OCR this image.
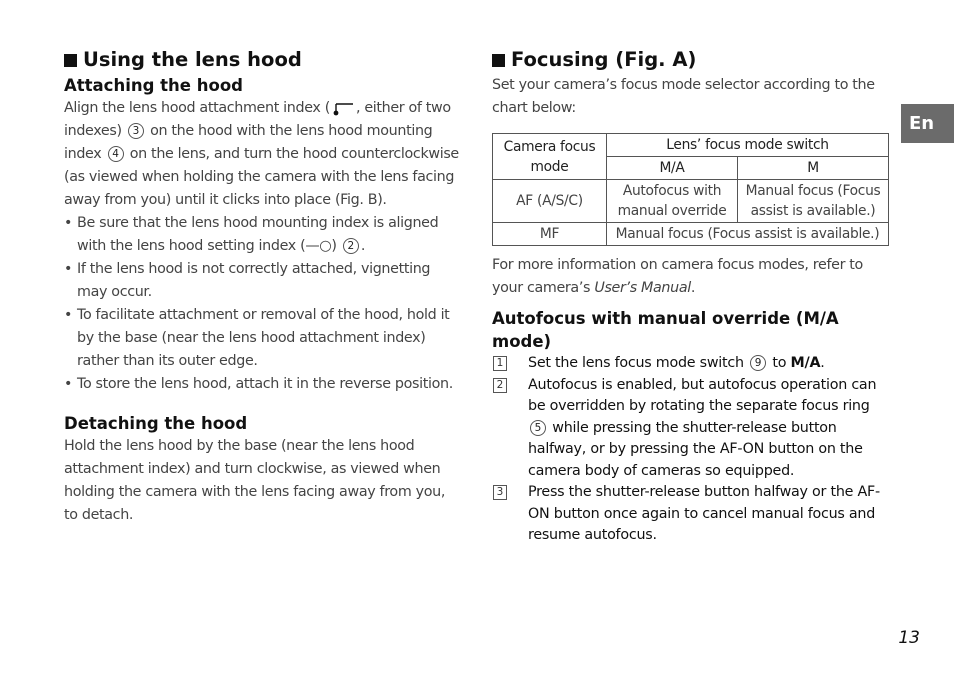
Using the lens hood
Attaching the hood

Align the lens hood attachment index ( , either of two indexes) 3 on the hood with the lens hood mounting index 4 on the lens, and turn the hood counterclockwise (as viewed when holding the camera with the lens facing away from you) until it clicks into place (Fig. B).

• Be sure that the lens hood mounting index is aligned with the lens hood setting index (—○) 2 .
• If the lens hood is not correctly attached, vignetting may occur.
• To facilitate attachment or removal of the hood, hold it by the base (near the lens hood attachment index) rather than its outer edge.
• To store the lens hood, attach it in the reverse position.
Detaching the hood

Hold the lens hood by the base (near the lens hood attachment index) and turn clockwise, as viewed when holding the camera with the lens facing away from you, to detach.

Focusing (Fig. A)

Set your camera’s focus mode selector according to the chart below:

Camera focus mode	Lens’ focus mode switch	
	M/A	M
AF (A/S/C)	Autofocus with manual override	Manual focus (Focus assist is available.)
MF	Manual focus (Focus assist is available.)	

For more information on camera focus modes, refer to your camera’s User’s Manual.

Autofocus with manual override (M/A mode)
1 Set the lens focus mode switch 9 to M/A.
2 Autofocus is enabled, but autofocus operation can be overridden by rotating the separate focus ring 5 while pressing the shutter-release button halfway, or by pressing the AF-ON button on the camera body of cameras so equipped.
3 Press the shutter-release button halfway or the AF-ON button once again to cancel manual focus and resume autofocus.
En
13
